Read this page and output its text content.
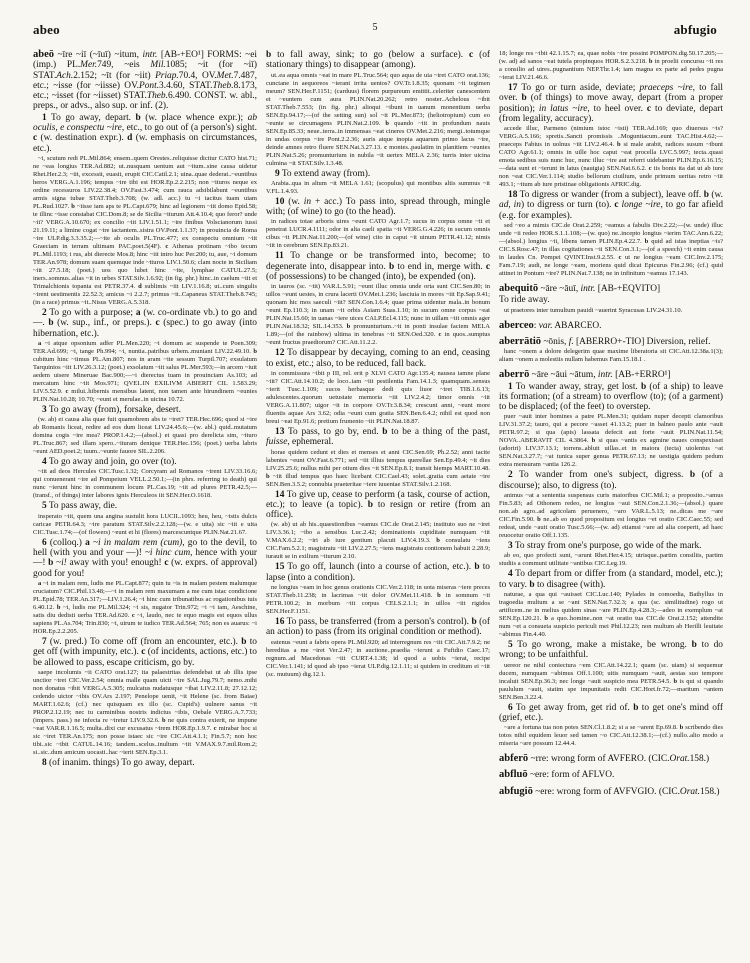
abeo	5	abfugio

abeō ~īre ~iī (~īuī) ~itum, intr. [AB-+EO¹] FORMS: ~ei (imp.) PL.Mer.749, ~eis Mil.1085; ~it (for ~iī) STAT.Ach.2.152; ~īt (for ~iit) Priap.70.4, OV.Met.7.487, etc.; ~isse (for ~iisse) OV.Pont.3.4.60, STAT.Theb.8.173, etc.; ~isset (for ~iisset) STAT.Theb.6.490. CONST. w. abl., preps., or advs., also sup. or inf. (2).

1 To go away, depart. b (w. place whence expr.); ab oculis, e conspectu ~ire, etc., to go out of (a person's) sight. c (w. destination expr.). d (w. emphasis on circumstances, etc.).

~i, scutum redi PL.Mil.864; ensem..quem Orestes..reliquisse dicitur CATO hist.71; ne ~eas longius TER.Ad.882; ut..nusquam uentum aut ~itum..sine causa uidetur Rhet.Her.2.3; ~iit, excessit, euasit, erupit CIC.Catil.2.1; uina..quae dederat..~euntibus heros VERG.A.1.196; tempus ~ire tibi est HOR.Ep.2.2.215; non ~ituros neque ex ordine recessuros LIV.22.38.4; OV.Fast.3.474; cum rauca adsibilabunt ~euntibus armis signa tubae STAT.Theb.3.708; (w. adl. acc.) tu ~i tacitus tuam uiam PL.Rud.1027. b ~iisse iam aps te PL.Capt.679; hinc ad legionem ~iit domo Epid.58; te illinc ~isse constabat CIC.Dom.8; se de Sicilia ~iturum Att.4.10.4; quo feror? unde ~ii? VERG.A.10.670; ex concilio ~iit LIV.1.51.1; ~ire finibus Volscianorum iussi 21.19.11; a limine cogat ~ire iactantem..sistra OV.Pont.1.1.37; in prouincia de Roma ~ire ULP.dig.3.3.35.2;—~ite ab oculis PL.Truc.477; ex conspectu omnium ~iit Graeciam in terram ultimam PAC.poet.5(4F). c Athenas protinam ~ibo tecum PL.Mil.1193; i rus, abi dierecte Mos.8; hinc ~iit intro huc Per.200; tu, aue, ~i domum TER.An.978; domum suam quemque inde ~ituros LIV.1.50.6; clam nocte in Siciliam ~iit 27.5.18; (poet.) uos quo lubet hinc ~ite, lymphae CATUL.27.5; iners..somnus..alias ~it in urbes STAT.Silv.1.6.92; (in fig. phr.) hinc..in caelum ~iit et Trimalchionis topanta est PETR.37.4. d sublimis ~iit LIV.1.16.8; ut..cum singulis ~irent uestimentis 22.52.3; amicus ~i 2.2.7; primus ~it..Capaneus STAT.Theb.8.745; (in a race) primus ~it..Nisus VERG.A.5.318.

2 To go with a purpose; a (w. co-ordinate vb.) to go and —. b (w. sup., inf., or preps.). c (spec.) to go away (into hibernation, etc.).

a ~i atque opsonium adfer PL.Men.220; ~i domum ac suspende te Poen.309; TER.Ad.699; ~i, tange Ph.994; ~i, nuntia..patribus urbem..muniant LIV.22.49.10. b cubitum hinc ~iimus PL.Am.807; nos in aram ~ite sessum Turpil.707; exsulatum Tarquinios ~iit LIV.26.3.12; (poet.) exsolatum ~iit salus PL.Mer.593;—in arcem ~iuit aedem uisere Mineruae Bac.900;—~i dierectus tuam in prouinciam As.103; ad mercatum hinc ~iit Mos.971; QVEI..IN EXILIVM ABIERIT CIL 1.583.29; LIV.5.52.9. c milui..hibernis mensibus latent, non tamen ante hirundinem ~euntes PLIN.Nat.10.28; 10.70; ~eunt et merulae..in uicina 10.72.

3 To go away (from), forsake, desert.

(w. ab) ei causa alia quae fuit quamobrem abs te ~iret? TER.Hec.696; quod si ~ire ab Romanis liceat, redire ad eos dum liceat LIV.24.45.6;—(w. abl.) quid..mutatum domina cogis ~ire mea? PROP.1.4.2;—(absol.) et quasi pro derelicta sim, ~ituro PL.Truc.867; sed illam spero..~ituram denique TER.Hec.156; (poet.) uerba labris ~eunt AED.poet.2; tuum..~eunte fauore SIL.2.206.

4 To go away and join, go over (to).

~iit ad deos Hercules CIC.Tusc.1.32; Corcyram ad Romanos ~irent LIV.33.16.6; qui conuenerant ~ire ad Pompeium VELL.2.50.1;—(in phrs. referring to death) qui nunc ~ierunt hinc in communem locum PL.Cas.19; ~iit ad plures PETR.42.5;—(transf., of things) inter labores ignis Herculeos iit SEN.Her.O.1618.

5 To pass away, die.

insperato ~iit, quem una angina sustulit hora LUCIL.1093; heu, heu, ~istis dulcis caricae PETR.64.3; ~ire paratum STAT.Silv.2.2.128;—(w. e uita) sic ~iit e uita CIC.Tusc.1.74;—(of flowers) ~eunt et hi (flores) marcescuntque PLIN.Nat.21.67.

6 (colloq.) a ~i in malam rem (cum), go to the devil, to hell (with you and your —)! ~i hinc cum, hence with your —! b ~i! away with you! enough! c (w. exprs. of approval) good for you!

a ~i in malam rem, ludis me PL.Capt.877; quin tu ~is in malam pestem malumque cruciatum? CIC.Phil.13.48;—~i in malam rem maxumam a me cum istac condicione PL.Epid.78; TER.An.317;—LIV.1.26.4; ~i hinc cum tribunatibus ac rogationibus tuis 6.40.12. b ~i, ludis me PL.Mil.324; ~i sis, nugator Trin.972; ~i ~i iam, Aeschine, satis diu dedisti uerba TER.Ad.620. c ~i, laudo, nec te equo magis est equos ullus sapiens PL.As.704; Trin.830; ~i, uirum te iudico TER.Ad.564; 765; non es auarus: ~i HOR.Ep.2.2.205.

7 (w. pred.) To come off (from an encounter, etc.). b to get off (with impunity, etc.). c (of incidents, actions, etc.) to be allowed to pass, escape criticism, go by.

saepe incolumis ~ii CATO orat.127; ita palaestritas defendebat ut ab illis ipse unctior ~iret CIC.Ver.2.54; omnia malle quam uicti ~ire SAL.Jug.79.7; nemo..mihi non donatus ~ibit VERG.A.5.305; mulcatus nudatusque ~ibat LIV.2.11.8; 27.12.12; cedendo uictor ~ibis OV.Ars 2.197; Penelope uenit, ~it Helene (sc. from Baiae) MART.1.62.6; (cf.) nec quisquam ex illo (sc. Cupid's) uulnere sanus ~it PROP.2.12.19; nec tu carminibus nostris indictus ~ibis, Oebale VERG.A.7.733; (impers. pass.) ne infecta re ~iretur LIV.9.32.6. b ne quis contra exierit, ne impune ~eat VAR.R.1.16.5; multa..dixi cur excusatus ~irem HOR.Ep.1.9.7. c mirabar hoc si sic ~iret TER.An.175; non posse istaec sic ~ire CIC.Att.4.1.1; Fin.5.7; non hoc tibi..sic ~ibit CATUL.14.16; tandem..scelus..inultum ~iit V.MAX.9.7.mil.Rom.2; si..sic..dum amicum uocasti..hac ~ierit SEN.Ep.3.1.

8 (of inanim. things) To go away, depart.

b to fall away, sink; to go (below a surface). c (of stationary things) to disappear (among).

ut..ea aqua omnis ~eat in mare PL.Truc.564; quo aqua de uia ~iret CATO orat.136; cunctane in aequoreos ~ierant irrita uentos? OV.Tr.1.8.35; quonam ~it tegimen meum? SEN.Her.F.1151; (carduus) florem purpureum emittit..celeriter canescentem et ~euntem cum aura PLIN.Nat.20.262; retro noster..Achelous ~ibit STAT.Theb.7.553; (in fig. phr.) alioqui ~ibunt in uanum monentium uerba SEN.Ep.94.17;—(of the setting sun) sol ~it PL.Mer.873; (heliotropium) cum eo ~eunte se circumagens PLIN.Nat.2.109. b quando ~iit in profundum nauis SEN.Ep.85.33; neue..terra..in immensas ~eat cineres OV.Met.2.216; mergi..totumque in undas corpus ~ire Pont.2.2.36; auris atque inopia aquarum primo lacus ~ire, deinde amnes retro fluere SEN.Nat.3.27.13. c montes..paulatim in planitiem ~euntes PLIN.Nat.5.26; promunturium in nubila ~it uertex MELA 2.36; turris inter uicina culmina ~it STAT.Silv.1.3.48.

9 To extend away (from).

Arabia..qua in altum ~it MELA 1.61; (scopulus) qui montibus altis summus ~it V.FL.1.4.93.

10 (w. in + acc.) To pass into, spread through, mingle with; (of wine) to go (to the head).

in radices totae arboris uires ~eunt CATO Agr.1.7; sucus in corpus omne ~it et penetrat LUCR.4.1111; odor in alta caeli spatia ~it VERG.G.4.226; in sucum omnis cibus ~it PLIN.Nat.11.200;—(of wine) cito in caput ~it uinum PETR.41.12; nimis ~iit in cerebrum SEN.Ep.83.21.

11 To change or be transformed into, become; to degenerate into, disappear into. b to end in, merge with. c (of possessions) to be changed (into), be expended (on).

in tauros (sc. ~iit) VAR.L.5.91; ~eunt illuc omnia unde orta sunt CIC.Sen.80; in uillos ~eunt uestes, in crura lacerti OV.Met.1.236; lasciuia in mores ~iit Ep.Sap.9.41; quonam hic mos saeculi ~iit? SEN.Con.1.6.4; quae prima uidentur mala..in bonum ~eunt Ep.110.3; in unam ~it orbis Asiam Suas.1.10; in sucum omne corpus ~eat PLIN.Nat.15.60; in uanas ~iere uices CALP.Ecl.4.115; nunc in uillam ~iit omnis ager PLIN.Nat.18.32; SIL.14.353. b promunturium..~it in ponti insulae faciem MELA 1.89;—(of the rainbow) ultima in tenebras ~it SEN.Oed.320. c in quos..sumptus ~eunt fructus praediorum? CIC.Att.11.2.2.

12 To disappear by decaying, coming to an end, ceasing to exist, etc.; also, to be reduced, fall back.

in commissura ~ibit p III, rel. erit p XLVI CATO Agr.135.4; nausea iamne plane ~iit? CIC.Att.14.10.2; de loco..iam ~iit pestilentia Fam.14.1.3; quamquam..sensus ~ierit Tusc.1.109; sucos herbasque dedi quis liuor ~iret TIB.1.6.13; adulescentes..quorum uetustate memoria ~iit LIV.2.4.2; timor omnis ~iit VERG.A.11.807; uigor ~it in corpore OV.Tr.3.8.34; crescunt anni, ~eunt more fluentis aquae Ars 3.62; odia ~eunt cum gratia SEN.Ben.6.4.2; nihil est quod non breui ~eat Ep.91.6; pretium frumento ~iit PLIN.Nat.18.87.

13 To pass, to go by, end. b to be a thing of the past, fuisse, ephemeral.

horae quidem cedunt et dies et menses et anni CIC.Sen.69; Ph.2.52; anni tacite labentes ~eunt OV.Fast.6.771; sed ~iit illius tempus querellae Sen.Ep.49.4; ~it dies LIV.25.25.6; nullus mihi per otium dies ~it SEN.Ep.8.1; transit hiemps MART.10.48. b ~iit illud tempus quo haec licebant CIC.Cael.43; solet..gratia cum aetate ~ire SEN.Ben.3.5.2; connubia praeteritae ~iere iuuentae STAT.Silv.1.2.168.

14 To give up, cease to perform (a task, course of action, etc.); to leave (a topic). b to resign or retire (from an office).

(w. ab) ut ab his..quaestionibus ~eamus CIC.de Orat.2.145; instituto suo ne ~iret LIV.3.36.1; ~ibo a sensibus Luc.2.42; dominationis cupiditate numquam ~iit V.MAX.6.2.2; ~iri ab iure gentium placuit LIV.4.19.3. b consulatu ~iens CIC.Fam.5.2.1; magistratu ~iit LIV.2.27.5; ~iens magistratu contionem habuit 2.28.9; iurauit se in exilium ~iturum 2.10.

15 To go off, launch (into a course of action, etc.). b to lapse (into a condition).

ne longius ~eam in hoc genus orationis CIC.Ver.2.118; in uota miseras ~iere preces STAT.Theb.11.238; in lacrimas ~iit dolor OV.Met.11.418. b in somnum ~ii PETR.100.2; in morbum ~iit corpus CELS.2.1.1; in uillos ~iit rigidos SEN.Her.F.1151.

16 To pass, be transferred (from a person's control). b (of an action) to pass (from its original condition or method).

eatenus ~eunt a fabris opera PL.Mil.920; ad interregnum res ~iit CIC.Att.7.9.2; ne hereditas a me ~iret Ver.2.47; in auctione..praedia ~ierunt a Fufidio Caec.17; regnum..ad Macedonas ~iit CURT.4.1.38; id quod a uobis ~ierat, recipe CIC.Ver.1.141; id quod ab ipso ~ierat ULP.dig.12.1.11; si quidem in creditum ei ~iit (sc. mutuum) dig.12.1.

18; longe res ~ibit 42.1.15.7; ea, quae nobis ~ire possint POMPON.dig.50.17.205;—(w. ad) ad sanos ~eat tutela propinquos HOR.S.2.3.218. b in proelii concursu ~it res a consilio ad uires..pugnantium NEP.Thr.1.4; iam magna ex parte ad pedes pugna ~ierat LIV.21.46.6.

17 To go or turn aside, deviate; praeceps ~ire, to fall over. b (of things) to move away, depart (from a proper position); in latus ~ire, to heel over. c to deviate, depart (from legality, accuracy).

accede illuc, Parmeno (nimium istoc ~isti) TER.Ad.169; quo diuersus ~is? VERG.A.5.166; spretis..Sancti promissis ..Moguntiacum..eunt TAC.Hist.4.62;—praeceps Fabius in uolnus ~iit LIV.2.46.4. b si male arabit, radices susum ~ibunt CATO Agr.61.1; omnis in uille hoc caput ~eat procella LVC.5.997; tecta..quasi emota sedibus suis nunc huc, nunc illuc ~ire aut referri uidebantur PLIN.Ep.6.16.15;—data sunt et ~ierunt in latus (nauigia) SEN.Nat.6.6.2. c iis bonis ita dat ut ab iure non ~eat CIC.Ver.1.114; studio bellorum ciuilium, unde primum ueritas retro ~iit 493.1; ~itum ab iure pristinae obligationis AFRIC.dig.

18 To digress or wander (from a subject), leave off. b (w. ad, in) to digress or turn (to). c longe ~ire, to go far afield (e.g. for examples).

sed ~eo a mimis CIC.de Orat.2.259; ~eamus a fabulis Div.2.22;—(w. unde) illuc unde ~ii redeo HOR.S.1.1.108;—(w. quo) ne..incepto longius ~ierim TAC.Ann.6.22;—(absol.) longius ~ii, libens tamen PLIN.Ep.4.22.7. b quid ad istas ineptias ~is? CIC.S.Rosc.47; in illas cogitationes ~ii SEN.Con.3.1;—(of a speech) ~it enim causa in laudes Cn. Pompei QVINT.Inst.9.2.55. c ut ne longius ~eam CIC.Inv.2.175; Fam.7.19; audi, ne longe ~eam, moriens quid dicat Epicurus Fin.2.96; (cf.) quid attinet in Pontum ~ire? PLIN.Nat.7.138; ne in infinitum ~eamus 17.143.

abequitō ~āre ~āuī, intr. [AB-+EQVITO]

To ride away.

ut praetores inter tumultum pauidi ~auerint Syracusas LIV.24.31.10.

aberceo: var. ABARCEO.

aberrātiō ~ōnis, f. [ABERRO+-TIO] Diversion, relief.

hanc ~onem a dolore delegerim quae maxime liberatoria sit CIC.Att.12.38a.1(3); aliam ~onem a molestiis nullam habemus Fam.15.18.1 .

aberrō ~āre ~āui ~ātum, intr. [AB-+ERRO¹]

1 To wander away, stray, get lost. b (of a ship) to leave its formation; (of a stream) to overflow (to); (of a garment) to be displaced; (of the feet) to overstep.

puer ~auit inter homines a patre PL.Men.31; quidam nuper decepti clamoribus LIV.31.37.2; tauro, qui a pecore ~asset 41.13.2; puer in balneo paulo ante ~auit PETR.97.2; si qua (apis) lassata defecit aut forte ~auit PLIN.Nat.11.54; NOVA..ABERAVIT CIL 4.3864. b si quas ~antis ex agmine naues conspexisset (adoriri) LIV.37.13.1; torrens..abluit uillas..et in maiora (tecta) uiolentus ~at SEN.Nat.3.27.7; ~at tunica super genua PETR.67.13; ne uestigia quidem pedum extra mensuram ~antia 126.2.

2 To wander from one's subject, digress. b (of a discourse); also, to digress (to).

animus ~at a sententia suspensus curis maioribus CIC.Mil.1; a proposito..~amus Fin.5.83; ad Othonem redeo, ne longius ~aui SEN.Con.2.1.36;—(absol.) quare non..ab agro..ad agricolam peruenero, ~aro VAR.L.5.13; ne..dicas me ~are CIC.Fin.5.90. b ne..ab eo quod propositum est longius ~et oratio CIC.Caec.55; sed redeat, unde ~auit oratio Tusc.5.66;—(w. ad) etiamsi ~are ad alia coeperit, ad haec reuocetur oratio Off.1.135.

3 To stray from one's purpose, go wide of the mark.

ab eo, quo profecti sunt, ~arunt Rhet.Her.4.15; utrisque..partim consiliis, partim studiis a communi utilitate ~antibus CIC.Leg.19.

4 To depart from or differ from (a standard, model, etc.); to vary. b to disagree (with).

naturae, a qua qui ~auisset CIC.Luc.140; Pylades in comoedia, Bathyllus in tragoedia multum a se ~ant SEN.Nat.7.32.3; a qua (sc. similitudine) rogo ut artificem..ne in melius quidem sinas ~are PLIN.Ep.4.28.3;—adeo in exemplum ~at SEN.Ep.120.21. b a quo..homine..non ~at oratio tua CIC.de Orat.2.152; attendite num ~et a consueta suspicio periculi mei Phil.12.23; non multum ab Herilli leuitate ~abimus Fin.4.40.

5 To go wrong, make a mistake, be wrong. b to do wrong; to be unfaithful.

uereor ne nihil coniectura ~em CIC.Att.14.22.1; quam (sc. uiam) si sequemur ducem, numquam ~abimus Off.1.100; uitis numquam ~auit, aestas suo tempore incaluit SEN.Ep.36.3; nec longe ~auit suspicio mea PETR.54.5. b is qui si quando paululum ~auit, statim spe impunitatis redit CIC.Hort.fr.72;—maritum ~antem SEN.Ben.3.22.4.

6 To get away from, get rid of. b to get one's mind off (grief, etc.).

~are a fortuna tua non potes SEN.Cl.1.8.2; si a se ~arent Ep.69.8. b scribendo dies totos nihil equidem leuor sed tamen ~o CIC.Att.12.38.1;—(cf.) nullo..alio modo a miseria ~are possum 12.44.4.

abferō ~rre: wrong form of AVFERO. (CIC.Orat.158.)

abfluō ~ere: form of AFLVO.

abfugiō ~ere: wrong form of AVFVGIO. (CIC.Orat.158.)
